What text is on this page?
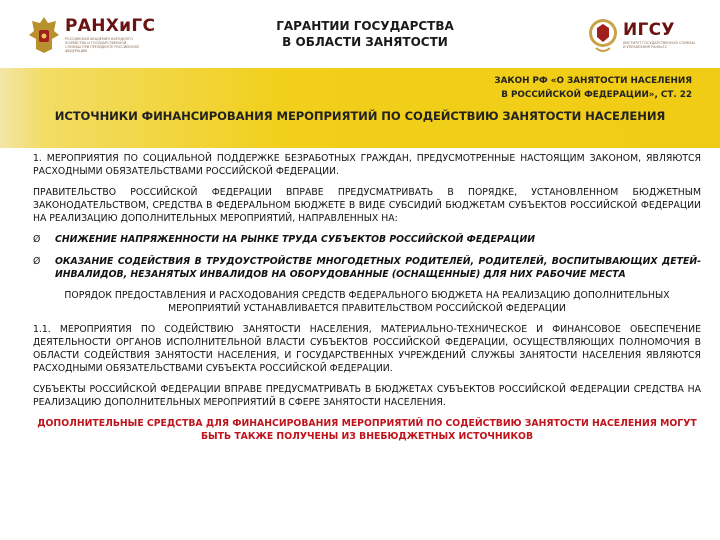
РАНХиГС
РОССИЙСКАЯ АКАДЕМИЯ НАРОДНОГО ХОЗЯЙСТВА И ГОСУДАРСТВЕННОЙ СЛУЖБЫ ПРИ ПРЕЗИДЕНТЕ РОССИЙСКОЙ ФЕДЕРАЦИИ
ГАРАНТИИ ГОСУДАРСТВА
В ОБЛАСТИ ЗАНЯТОСТИ
ИГСУ
ИНСТИТУТ ГОСУДАРСТВЕННОЙ СЛУЖБЫ И УПРАВЛЕНИЯ РАНХиГС
ЗАКОН РФ «О ЗАНЯТОСТИ НАСЕЛЕНИЯ
В РОССИЙСКОЙ ФЕДЕРАЦИИ», СТ. 22
ИСТОЧНИКИ ФИНАНСИРОВАНИЯ МЕРОПРИЯТИЙ ПО СОДЕЙСТВИЮ ЗАНЯТОСТИ НАСЕЛЕНИЯ

1. МЕРОПРИЯТИЯ ПО СОЦИАЛЬНОЙ ПОДДЕРЖКЕ БЕЗРАБОТНЫХ ГРАЖДАН, ПРЕДУСМОТРЕННЫЕ НАСТОЯЩИМ ЗАКОНОМ, ЯВЛЯЮТСЯ РАСХОДНЫМИ ОБЯЗАТЕЛЬСТВАМИ РОССИЙСКОЙ ФЕДЕРАЦИИ.

ПРАВИТЕЛЬСТВО РОССИЙСКОЙ ФЕДЕРАЦИИ ВПРАВЕ ПРЕДУСМАТРИВАТЬ В ПОРЯДКЕ, УСТАНОВЛЕННОМ БЮДЖЕТНЫМ ЗАКОНОДАТЕЛЬСТВОМ, СРЕДСТВА В ФЕДЕРАЛЬНОМ БЮДЖЕТЕ В ВИДЕ СУБСИДИЙ БЮДЖЕТАМ СУБЪЕКТОВ РОССИЙСКОЙ ФЕДЕРАЦИИ НА РЕАЛИЗАЦИЮ ДОПОЛНИТЕЛЬНЫХ МЕРОПРИЯТИЙ, НАПРАВЛЕННЫХ НА:

Ø	СНИЖЕНИЕ НАПРЯЖЕННОСТИ НА РЫНКЕ ТРУДА СУБЪЕКТОВ РОССИЙСКОЙ ФЕДЕРАЦИИ
Ø	ОКАЗАНИЕ СОДЕЙСТВИЯ В ТРУДОУСТРОЙСТВЕ МНОГОДЕТНЫХ РОДИТЕЛЕЙ, РОДИТЕЛЕЙ, ВОСПИТЫВАЮЩИХ ДЕТЕЙ-ИНВАЛИДОВ, НЕЗАНЯТЫХ ИНВАЛИДОВ НА ОБОРУДОВАННЫЕ (ОСНАЩЕННЫЕ) ДЛЯ НИХ РАБОЧИЕ МЕСТА

ПОРЯДОК ПРЕДОСТАВЛЕНИЯ И РАСХОДОВАНИЯ СРЕДСТВ ФЕДЕРАЛЬНОГО БЮДЖЕТА НА РЕАЛИЗАЦИЮ ДОПОЛНИТЕЛЬНЫХ МЕРОПРИЯТИЙ УСТАНАВЛИВАЕТСЯ ПРАВИТЕЛЬСТВОМ РОССИЙСКОЙ ФЕДЕРАЦИИ

1.1. МЕРОПРИЯТИЯ ПО СОДЕЙСТВИЮ ЗАНЯТОСТИ НАСЕЛЕНИЯ, МАТЕРИАЛЬНО-ТЕХНИЧЕСКОЕ И ФИНАНСОВОЕ ОБЕСПЕЧЕНИЕ ДЕЯТЕЛЬНОСТИ ОРГАНОВ ИСПОЛНИТЕЛЬНОЙ ВЛАСТИ СУБЪЕКТОВ РОССИЙСКОЙ ФЕДЕРАЦИИ, ОСУЩЕСТВЛЯЮЩИХ ПОЛНОМОЧИЯ В ОБЛАСТИ СОДЕЙСТВИЯ ЗАНЯТОСТИ НАСЕЛЕНИЯ, И ГОСУДАРСТВЕННЫХ УЧРЕЖДЕНИЙ СЛУЖБЫ ЗАНЯТОСТИ НАСЕЛЕНИЯ ЯВЛЯЮТСЯ РАСХОДНЫМИ ОБЯЗАТЕЛЬСТВАМИ СУБЪЕКТА РОССИЙСКОЙ ФЕДЕРАЦИИ.

СУБЪЕКТЫ РОССИЙСКОЙ ФЕДЕРАЦИИ ВПРАВЕ ПРЕДУСМАТРИВАТЬ В БЮДЖЕТАХ СУБЪЕКТОВ РОССИЙСКОЙ ФЕДЕРАЦИИ СРЕДСТВА НА РЕАЛИЗАЦИЮ ДОПОЛНИТЕЛЬНЫХ МЕРОПРИЯТИЙ В СФЕРЕ ЗАНЯТОСТИ НАСЕЛЕНИЯ.

ДОПОЛНИТЕЛЬНЫЕ СРЕДСТВА ДЛЯ ФИНАНСИРОВАНИЯ МЕРОПРИЯТИЙ ПО СОДЕЙСТВИЮ ЗАНЯТОСТИ НАСЕЛЕНИЯ МОГУТ БЫТЬ ТАКЖЕ ПОЛУЧЕНЫ ИЗ ВНЕБЮДЖЕТНЫХ ИСТОЧНИКОВ
